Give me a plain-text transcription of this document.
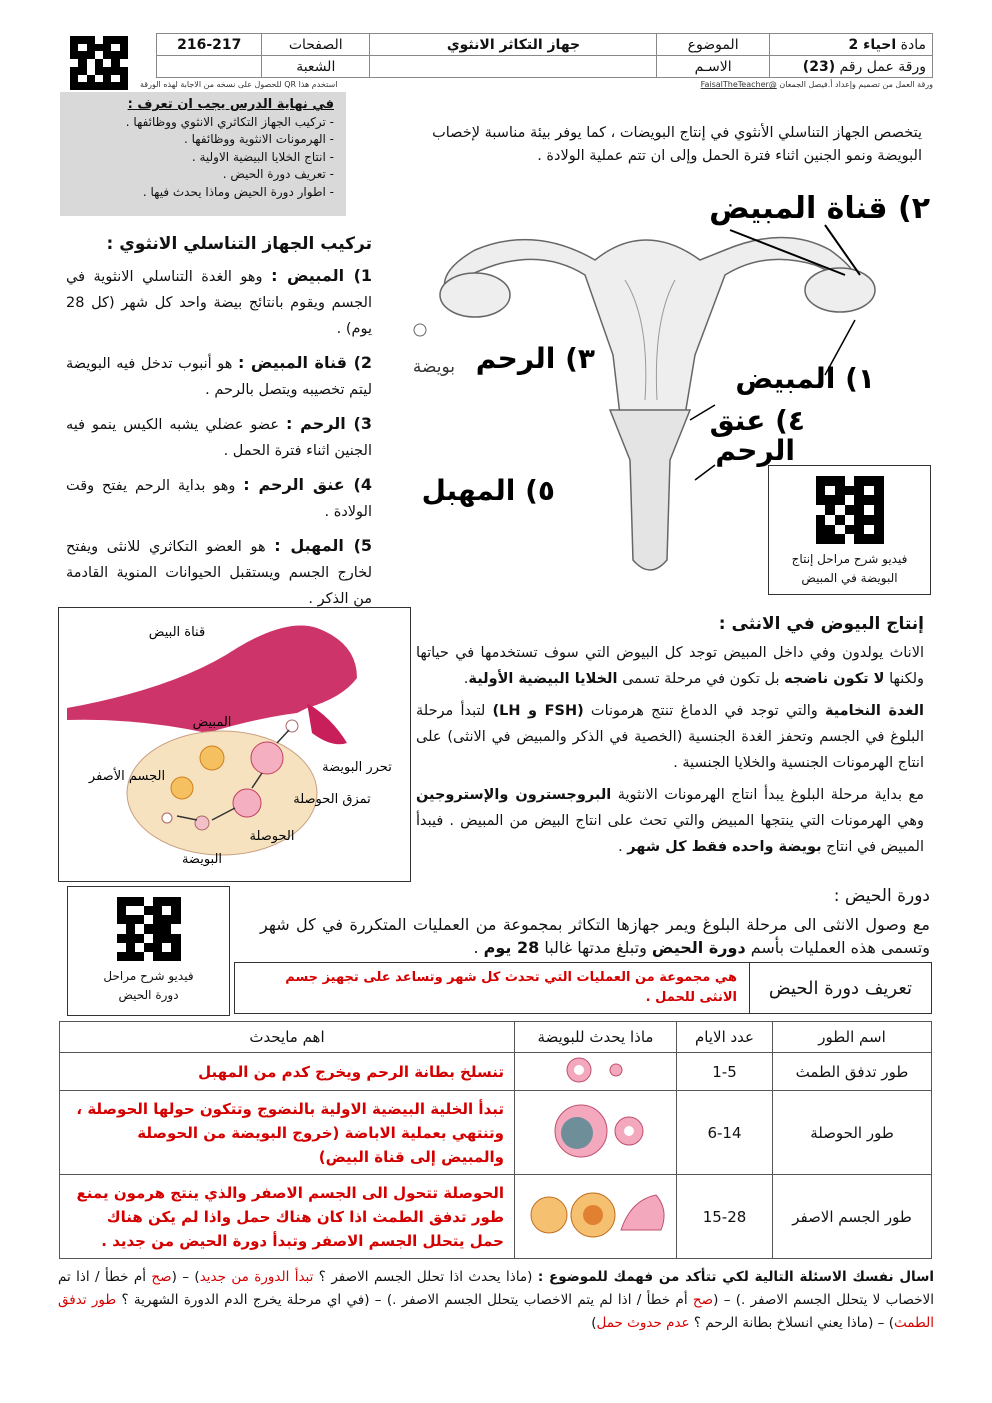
مادة احياء 2	الموضوع	جهاز التكاثر الانثوي	الصفحات	216-217	
ورقة عمل رقم (23)	الاسـم		الشعبة		
ورقة العمل من تصميم وإعداد أ.فيصل الجمعان @FaisalTheTeacher
استخدم هذا QR للحصول على نسخه من الاجابة لهذه الورقة
في نهاية الدرس يجب ان تعرف :
- تركيب الجهاز التكاثري الانثوي ووظائفها .
- الهرمونات الانثوية ووظائفها .
- انتاج الخلايا البيضية الاولية .
- تعريف دورة الحيض .
- اطوار دورة الحيض وماذا يحدث فيها .
يتخصص الجهاز التناسلي الأنثوي في إنتاج البويضات ، كما يوفر بيئة مناسبة لإخصاب
البويضة ونمو الجنين اثناء فترة الحمل وإلى ان تتم عملية الولادة .
تركيب الجهاز التناسلي الانثوي :

1) المبيض : وهو الغدة التناسلي الانثوية في الجسم ويقوم بانتائج بيضة واحد كل شهر (كل 28 يوم) .

2) قناة المبيض : هو أنبوب تدخل فيه البويضة ليتم تخصيبه ويتصل بالرحم .

3) الرحم : عضو عضلي يشبه الكيس ينمو فيه الجنين اثناء فترة الحمل .

4) عنق الرحم : وهو بداية الرحم يفتح وقت الولادة .

5) المهبل : هو العضو التكاثري للانثى ويفتح لخارج الجسم ويستقبل الحيوانات المنوية القادمة من الذكر .

٢) قناة المبيض
١) المبيض
٣) الرحم
٤) عنق
الرحم
٥) المهبل
بويضة
فيديو شرح مراحل إنتاج البويضة في المبيض
قناة البيض
المبيض
الجسم الأصفر
تحرر البويضة
تمزق الحوصلة
الحوصلة
البويضة
إنتاج البيوض في الانثى :

الاناث يولدون وفي داخل المبيض توجد كل البيوض التي سوف تستخدمها في حياتها ولكنها لا تكون ناضجه بل تكون في مرحلة تسمى الخلايا البيضية الأولية.

الغدة النخامية والتي توجد في الدماغ تنتج هرمونات (FSH و LH) لتبدأ مرحلة البلوغ في الجسم وتحفز الغدة الجنسية (الخصية في الذكر والمبيض في الانثى) على انتاج الهرمونات الجنسية والخلايا الجنسية .

مع بداية مرحلة البلوغ يبدأ انتاج الهرمونات الانثوية البروجسترون والإستروجين وهي الهرمونات التي ينتجها المبيض والتي تحث على انتاج البيض من المبيض . فيبدأ المبيض في انتاج بويضة واحده فقط كل شهر .

فيديو شرح مراحل دورة الحيض
دورة الحيض :

مع وصول الانثى الى مرحلة البلوغ ويمر جهازها التكاثر بمجموعة من العمليات المتكررة في كل شهر وتسمى هذه العمليات بأسم دورة الحيض وتبلغ مدتها غالبا 28 يوم .

تعريف دورة الحيض	هي مجموعة من العمليات التي تحدث كل شهر وتساعد على تجهيز جسم الانثى للحمل .
اسم الطور	عدد الايام	ماذا يحدث للبويضة	اهم مايحدث
طور تدفق الطمث	1-5		تنسلخ بطانة الرحم ويخرج كدم من المهبل
طور الحوصلة	6-14		تبدأ الخلية البيضية الاولية بالنضوج وتتكون حولها الحوصلة ، وتنتهي بعملية الاباضة (خروج البويضة من الحوصلة والمبيض إلى قناة البيض)
طور الجسم الاصفر	15-28		الحوصلة تتحول الى الجسم الاصفر والذي ينتج هرمون يمنع طور تدفق الطمث اذا كان هناك حمل واذا لم يكن هناك حمل يتحلل الجسم الاصفر وتبدأ دورة الحيض من جديد .

اسال نفسك الاسئلة التالية لكي تتأكد من فهمك للموضوع : (ماذا يحدث اذا تحلل الجسم الاصفر ؟ تبدأ الدورة من جديد) – (صح أم خطأ / اذا تم الاخصاب لا يتحلل الجسم الاصفر .) – (صح أم خطأ / اذا لم يتم الاخصاب يتحلل الجسم الاصفر .) – (في اي مرحلة يخرج الدم الدورة الشهرية ؟ طور تدفق الطمث) – (ماذا يعني انسلاخ بطانة الرحم ؟ عدم حدوث حمل)
